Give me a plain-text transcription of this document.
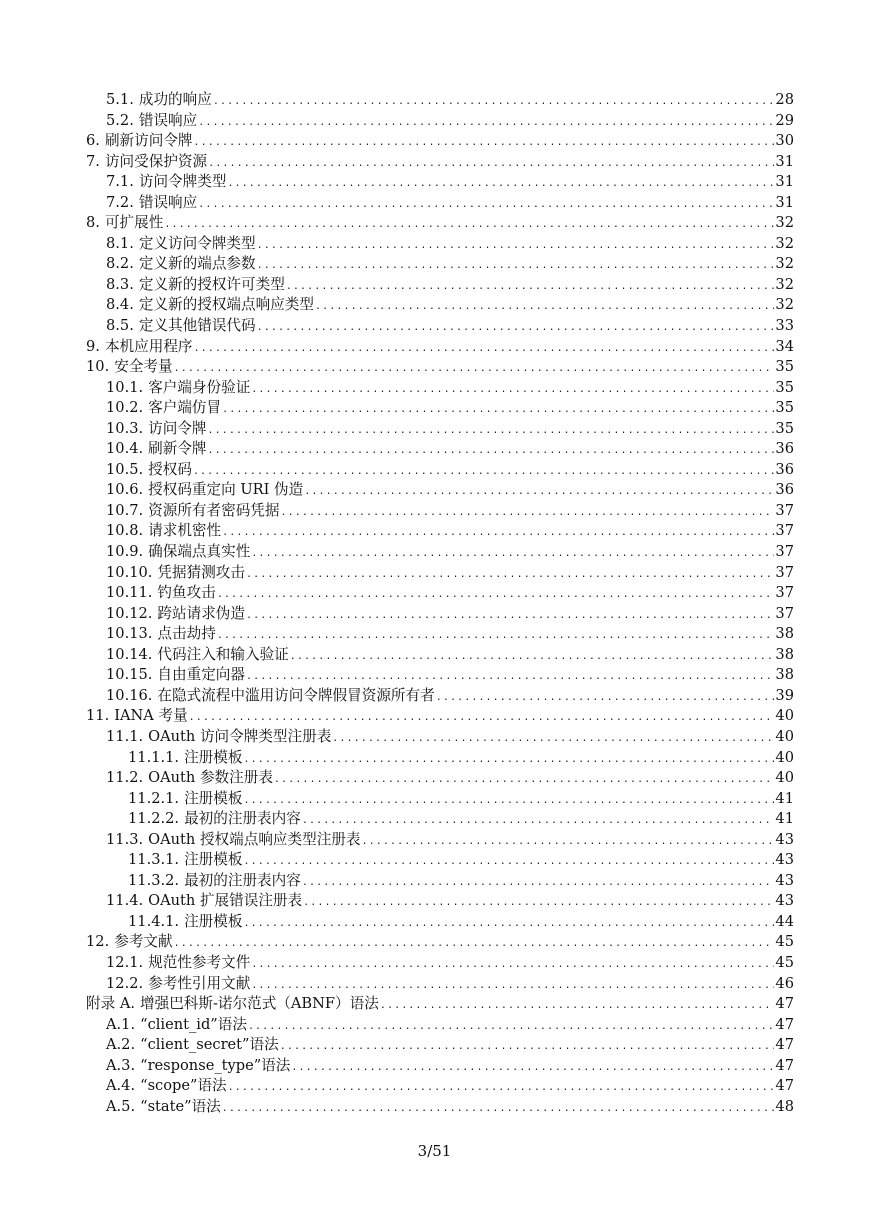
5.1. 成功的响应 .....	28
5.2. 错误响应 .....	29
6. 刷新访问令牌 .....	30
7. 访问受保护资源 .....	31
7.1. 访问令牌类型 .....	31
7.2. 错误响应 .....	31
8. 可扩展性 .....	32
8.1. 定义访问令牌类型 .....	32
8.2. 定义新的端点参数 .....	32
8.3. 定义新的授权许可类型 .....	32
8.4. 定义新的授权端点响应类型 .....	32
8.5. 定义其他错误代码 .....	33
9. 本机应用程序 .....	34
10. 安全考量 .....	35
10.1. 客户端身份验证 .....	35
10.2. 客户端仿冒 .....	35
10.3. 访问令牌 .....	35
10.4. 刷新令牌 .....	36
10.5. 授权码 .....	36
10.6. 授权码重定向 URI 伪造 .....	36
10.7. 资源所有者密码凭据 .....	37
10.8. 请求机密性 .....	37
10.9. 确保端点真实性 .....	37
10.10. 凭据猜测攻击 .....	37
10.11. 钓鱼攻击 .....	37
10.12. 跨站请求伪造 .....	37
10.13. 点击劫持 .....	38
10.14. 代码注入和输入验证 .....	38
10.15. 自由重定向器 .....	38
10.16. 在隐式流程中滥用访问令牌假冒资源所有者 .....	39
11. IANA 考量 .....	40
11.1. OAuth 访问令牌类型注册表 .....	40
11.1.1. 注册模板 .....	40
11.2. OAuth 参数注册表 .....	40
11.2.1. 注册模板 .....	41
11.2.2. 最初的注册表内容 .....	41
11.3. OAuth 授权端点响应类型注册表 .....	43
11.3.1. 注册模板 .....	43
11.3.2. 最初的注册表内容 .....	43
11.4. OAuth 扩展错误注册表 .....	43
11.4.1. 注册模板 .....	44
12. 参考文献 .....	45
12.1. 规范性参考文件 .....	45
12.2. 参考性引用文献 .....	46
附录 A. 增强巴科斯-诺尔范式（ABNF）语法 .....	47
A.1. “client_id”语法 .....	47
A.2. “client_secret”语法 .....	47
A.3. “response_type”语法 .....	47
A.4. “scope”语法 .....	47
A.5. “state”语法 .....	48
3/51
